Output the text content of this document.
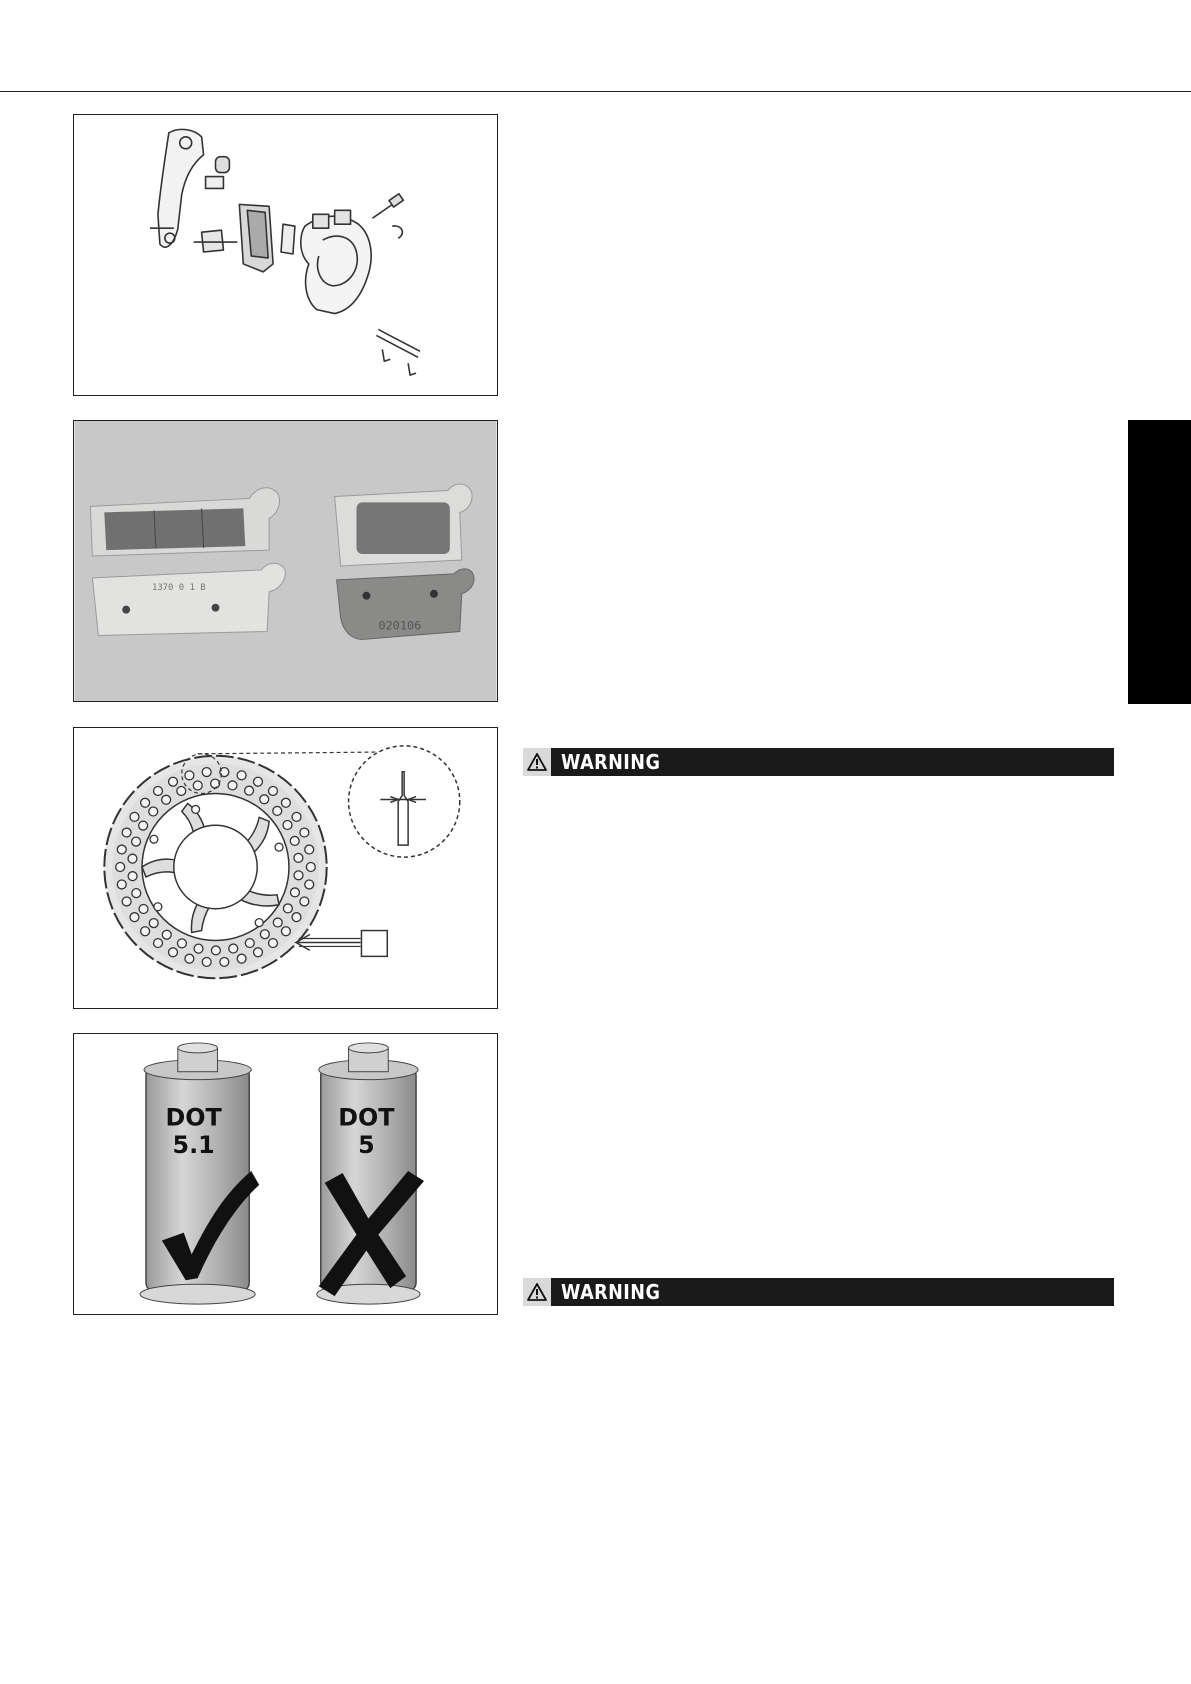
1370 0 1 B
020106
DOT
5.1
DOT
5
WARNING
WARNING
